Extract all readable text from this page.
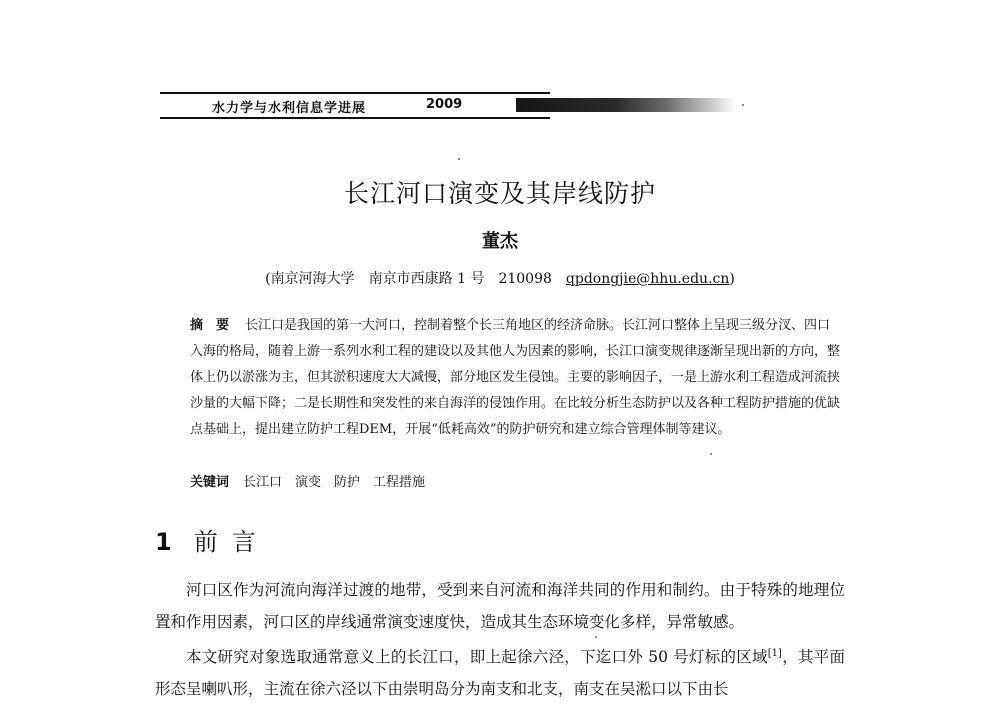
水力学与水利信息学进展	2009
长江河口演变及其岸线防护
董杰
(南京河海大学　南京市西康路 1 号　210098　qpdongjie@hhu.edu.cn)
摘　要 长江口是我国的第一大河口，控制着整个长三角地区的经济命脉。长江河口整体上呈现三级分汊、四口入海的格局，随着上游一系列水利工程的建设以及其他人为因素的影响，长江口演变规律逐渐呈现出新的方向，整体上仍以淤涨为主，但其淤积速度大大减慢，部分地区发生侵蚀。主要的影响因子，一是上游水利工程造成河流挟沙量的大幅下降；二是长期性和突发性的来自海洋的侵蚀作用。在比较分析生态防护以及各种工程防护措施的优缺点基础上，提出建立防护工程DEM，开展“低耗高效”的防护研究和建立综合管理体制等建议。
关键词 长江口　演变　防护　工程措施
1 前言

河口区作为河流向海洋过渡的地带，受到来自河流和海洋共同的作用和制约。由于特殊的地理位置和作用因素，河口区的岸线通常演变速度快，造成其生态环境变化多样，异常敏感。

本文研究对象选取通常意义上的长江口，即上起徐六泾，下迄口外 50 号灯标的区域[1]，其平面形态呈喇叭形，主流在徐六泾以下由崇明岛分为南支和北支，南支在吴淞口以下由长
